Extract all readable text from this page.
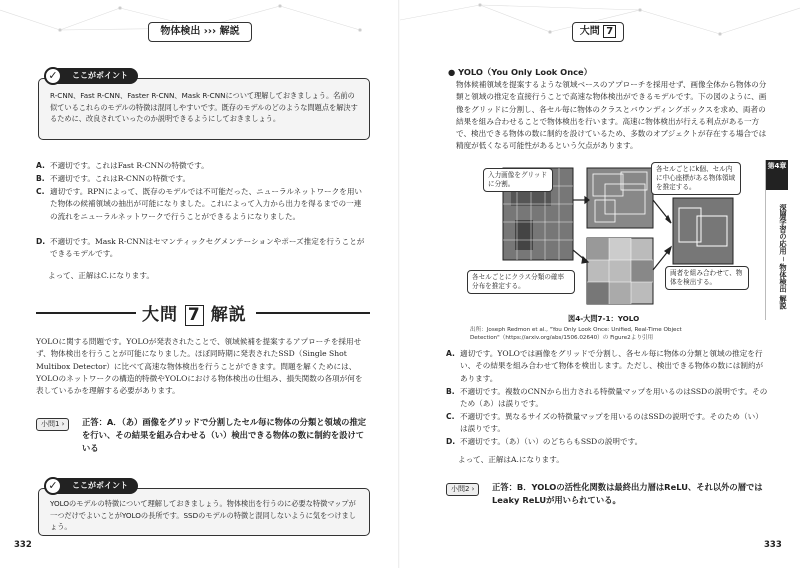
物体検出 ››› 解説
ここがポイント
✓
R-CNN、Fast R-CNN、Faster R-CNN、Mask R-CNNについて理解しておきましょう。名前の似ているこれらのモデルの特徴は混同しやすいです。既存のモデルのどのような問題点を解決するために、改良されていったのか説明できるようにしておきましょう。
A. 不適切です。これはFast R-CNNの特徴です。
B. 不適切です。これはR-CNNの特徴です。
C. 適切です。RPNによって、既存のモデルでは不可能だった、ニューラルネットワークを用いた物体の候補領域の抽出が可能になりました。これによって入力から出力を得るまでの一連の流れをニューラルネットワークで行うことができるようになりました。
D. 不適切です。Mask R-CNNはセマンティックセグメンテーションやポーズ推定を行うことができるモデルです。
よって、正解はC.になります。
大問 7 解説
YOLOに関する問題です。YOLOが発表されたことで、領域候補を提案するアプローチを採用せず、物体検出を行うことが可能になりました。ほぼ同時期に発表されたSSD（Single Shot Multibox Detector）に比べて高速な物体検出を行うことができます。問題を解くためには、YOLOのネットワークの構造的特徴やYOLOにおける物体検出の仕組み、損失関数の各項が何を表しているかを理解する必要があります。
小問1 ›	正答：A．（あ）画像をグリッドで分割したセル毎に物体の分類と領域の推定を行い、その結果を組み合わせる（い）検出できる物体の数に制約を設けている
ここがポイント
✓
YOLOのモデルの特徴について理解しておきましょう。物体検出を行うのに必要な特徴マップが一つだけでよいことがYOLOの長所です。SSDのモデルの特徴と混同しないように気をつけましょう。
332
大問 7
● YOLO（You Only Look Once）
物体候補領域を提案するような領域ベースのアプローチを採用せず、画像全体から物体の分類と領域の推定を直接行うことで高速な物体検出ができるモデルです。下の図のように、画像をグリッドに分割し、各セル毎に物体のクラスとバウンディングボックスを求め、両者の結果を組み合わせることで物体検出を行います。高速に物体検出が行える利点がある一方で、検出できる物体の数に制約を設けているため、多数のオブジェクトが存在する場合では精度が低くなる可能性があるという欠点があります。
333
入力画像をグリッドに分割。
各セルごとにk個、セル内に中心座標がある物体領域を推定する。
各セルごとにクラス分類の確率分布を推定する。
両者を組み合わせて、物体を検出する。
図4-大問7-1：YOLO
出所：Joseph Redmon et al., "You Only Look Once: Unified, Real-Time Object Detection"（https://arxiv.org/abs/1506.02640）の Figure2より引用
A. 適切です。YOLOでは画像をグリッドで分割し、各セル毎に物体の分類と領域の推定を行い、その結果を組み合わせて物体を検出します。ただし、検出できる物体の数には制約があります。
B. 不適切です。複数のCNNから出力される特徴量マップを用いるのはSSDの説明です。そのため（あ）は誤りです。
C. 不適切です。異なるサイズの特徴量マップを用いるのはSSDの説明です。そのため（い）は誤りです。
D. 不適切です。（あ）（い）のどちらもSSDの説明です。
よって、正解はA.になります。
小問2 ›	正答：B．YOLOの活性化関数は最終出力層はReLU、それ以外の層ではLeaky ReLUが用いられている。
第4章
深層学習の応用 ─ 物体検出 解説
